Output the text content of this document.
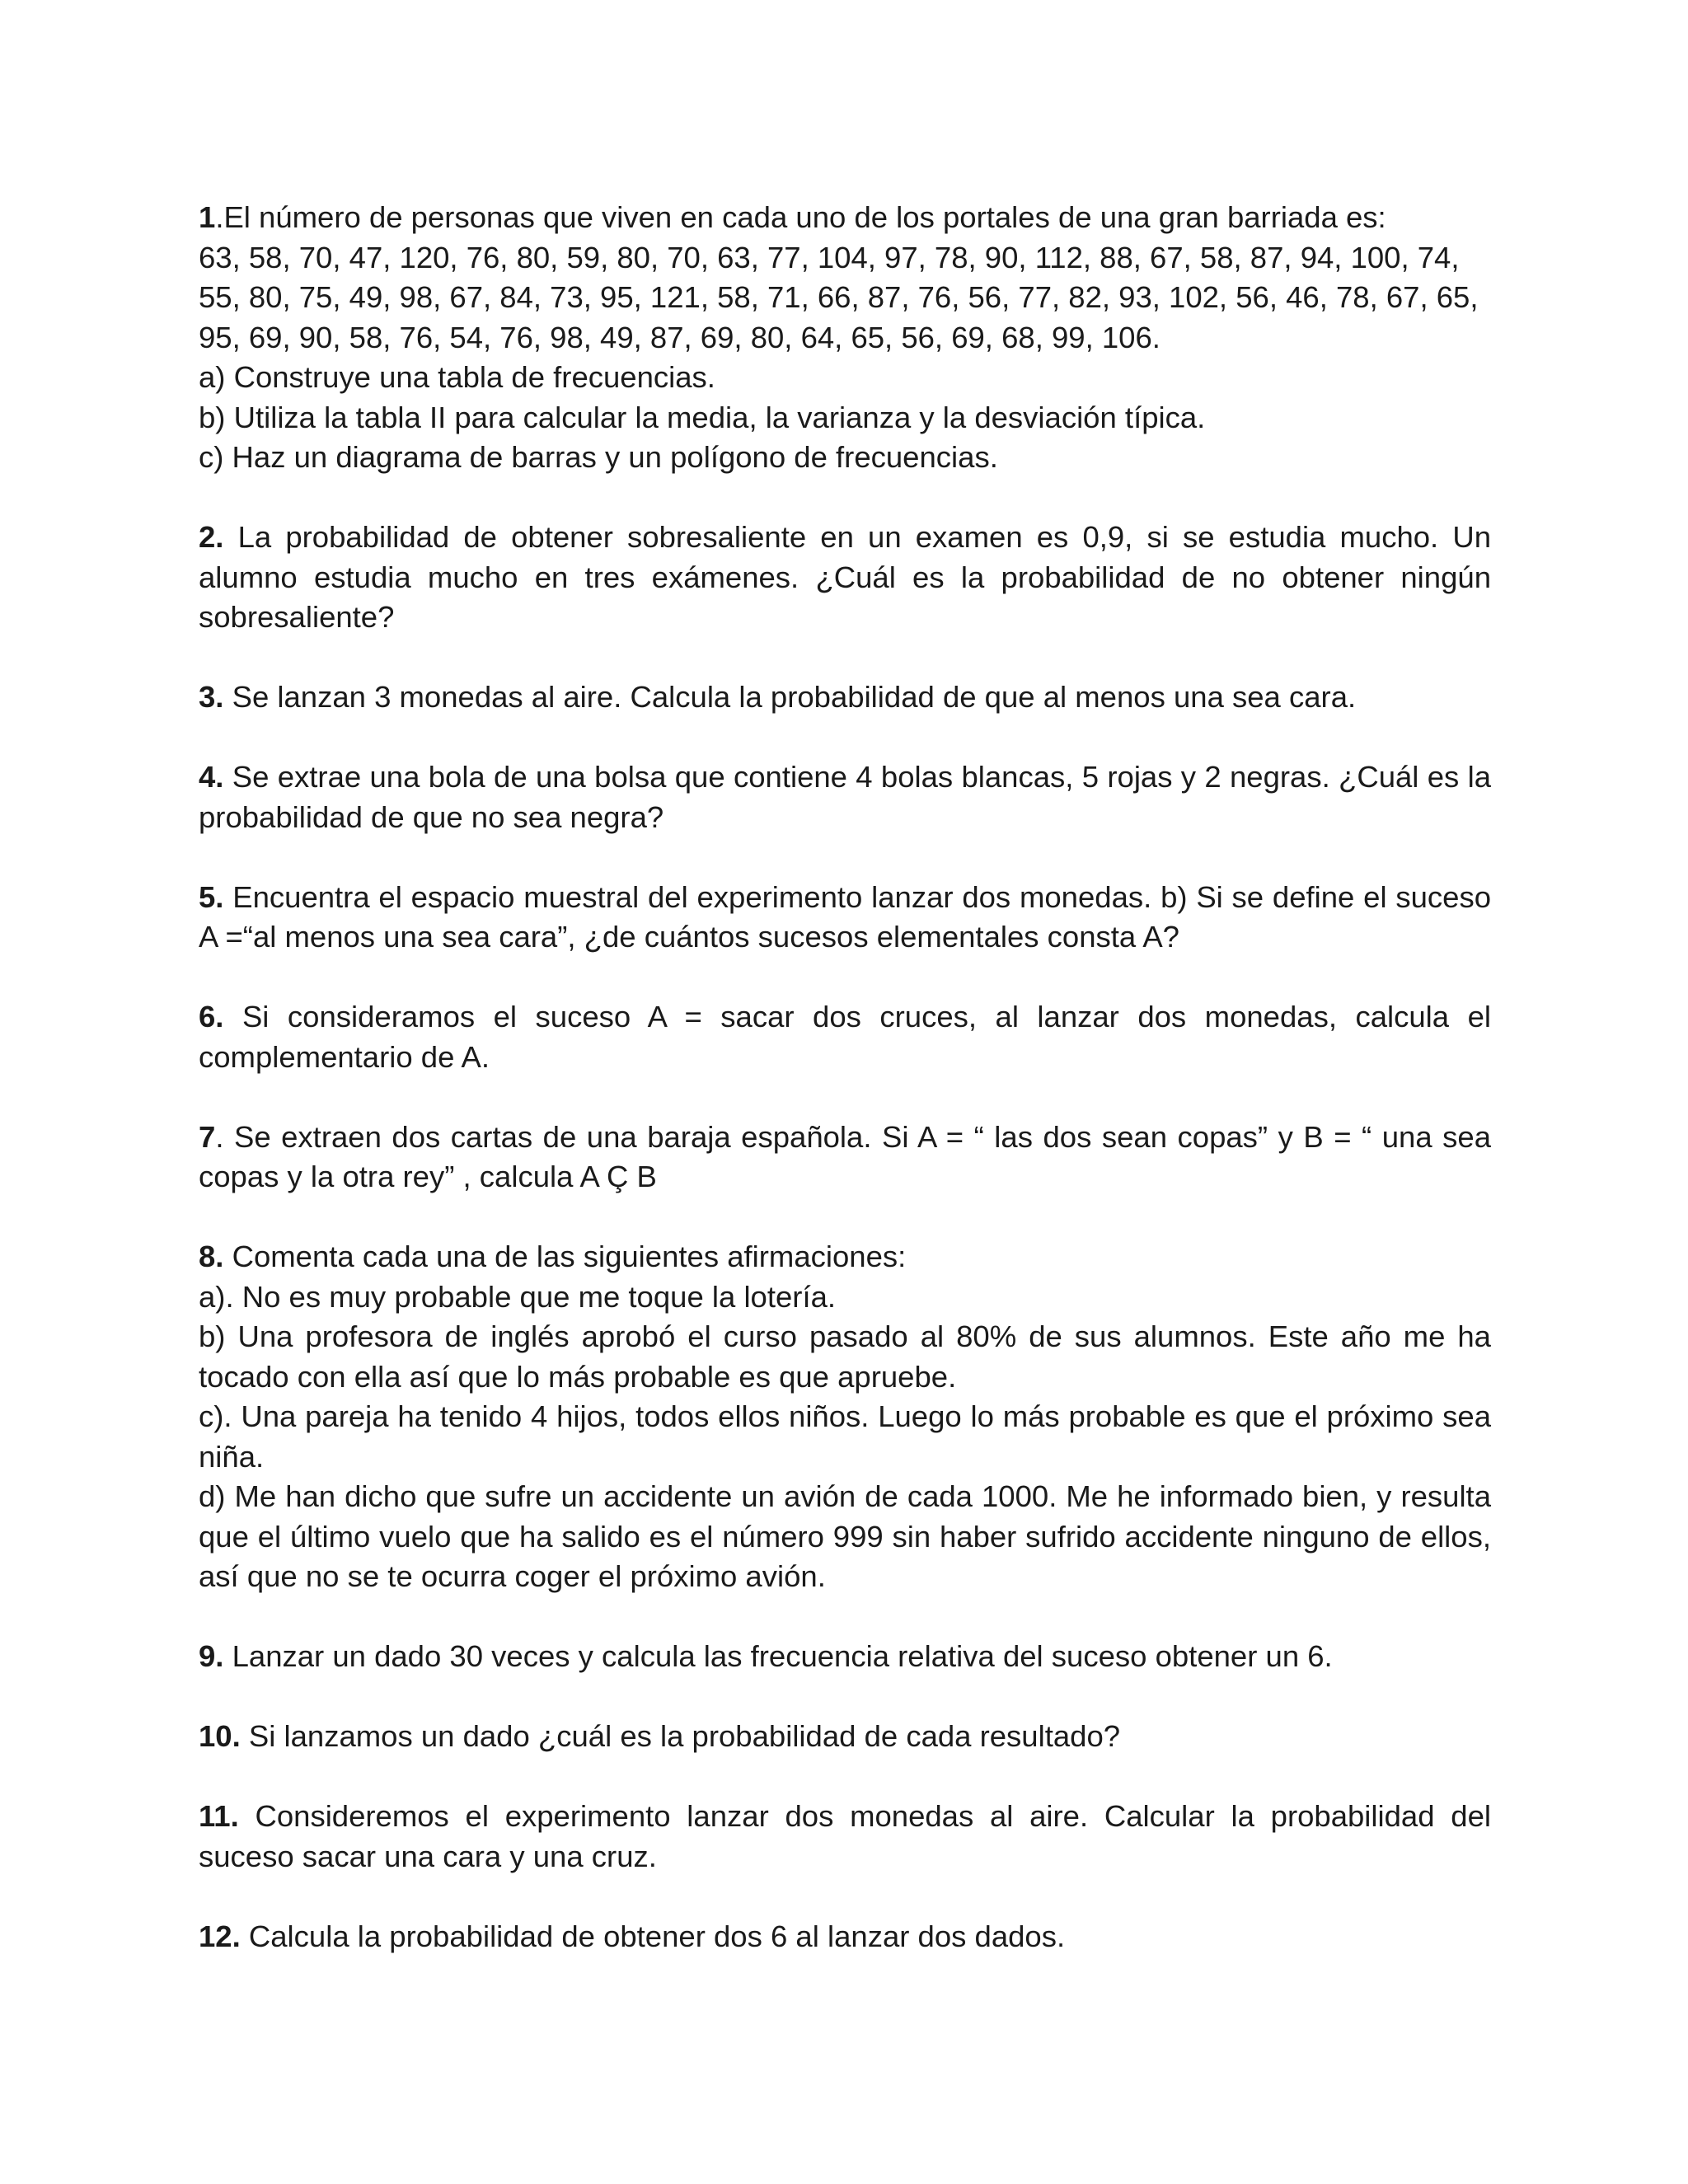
1.El número de personas que viven en cada uno de los portales de una gran barriada es:
63, 58, 70, 47, 120, 76, 80, 59, 80, 70, 63, 77, 104, 97, 78, 90, 112, 88, 67, 58, 87, 94, 100, 74,
55, 80, 75, 49, 98, 67, 84, 73, 95, 121, 58, 71, 66, 87, 76, 56, 77, 82, 93, 102, 56, 46, 78, 67, 65,
95, 69, 90, 58, 76, 54, 76, 98, 49, 87, 69, 80, 64, 65, 56, 69, 68, 99, 106.
a) Construye una tabla de frecuencias.
b) Utiliza la tabla II para calcular la media, la varianza y la desviación típica.
c) Haz un diagrama de barras y un polígono de frecuencias.
2. La probabilidad de obtener sobresaliente en un examen es 0,9, si se estudia mucho. Un alumno estudia mucho en tres exámenes. ¿Cuál es la probabilidad de no obtener ningún sobresaliente?
3. Se lanzan 3 monedas al aire. Calcula la probabilidad de que al menos una sea cara.
4. Se extrae una bola de una bolsa que contiene 4 bolas blancas, 5 rojas y 2 negras. ¿Cuál es la probabilidad de que no sea negra?
5. Encuentra el espacio muestral del experimento lanzar dos monedas. b) Si se define el suceso A =“al menos una sea cara”, ¿de cuántos sucesos elementales consta A?
6. Si consideramos el suceso A = sacar dos cruces, al lanzar dos monedas, calcula el complementario de A.
7. Se extraen dos cartas de una baraja española. Si A = “ las dos sean copas” y B = “ una sea copas y la otra rey” , calcula A Ç B
8. Comenta cada una de las siguientes afirmaciones:
a). No es muy probable que me toque la lotería.
b) Una profesora de inglés aprobó el curso pasado al 80% de sus alumnos. Este año me ha tocado con ella así que lo más probable es que apruebe.
c). Una pareja ha tenido 4 hijos, todos ellos niños. Luego lo más probable es que el próximo sea niña.
d) Me han dicho que sufre un accidente un avión de cada 1000. Me he informado bien, y resulta que el último vuelo que ha salido es el número 999 sin haber sufrido accidente ninguno de ellos, así que no se te ocurra coger el próximo avión.
9. Lanzar un dado 30 veces y calcula las frecuencia relativa del suceso obtener un 6.
10. Si lanzamos un dado ¿cuál es la probabilidad de cada resultado?
11. Consideremos el experimento lanzar dos monedas al aire. Calcular la probabilidad del suceso sacar una cara y una cruz.
12. Calcula la probabilidad de obtener dos 6 al lanzar dos dados.
